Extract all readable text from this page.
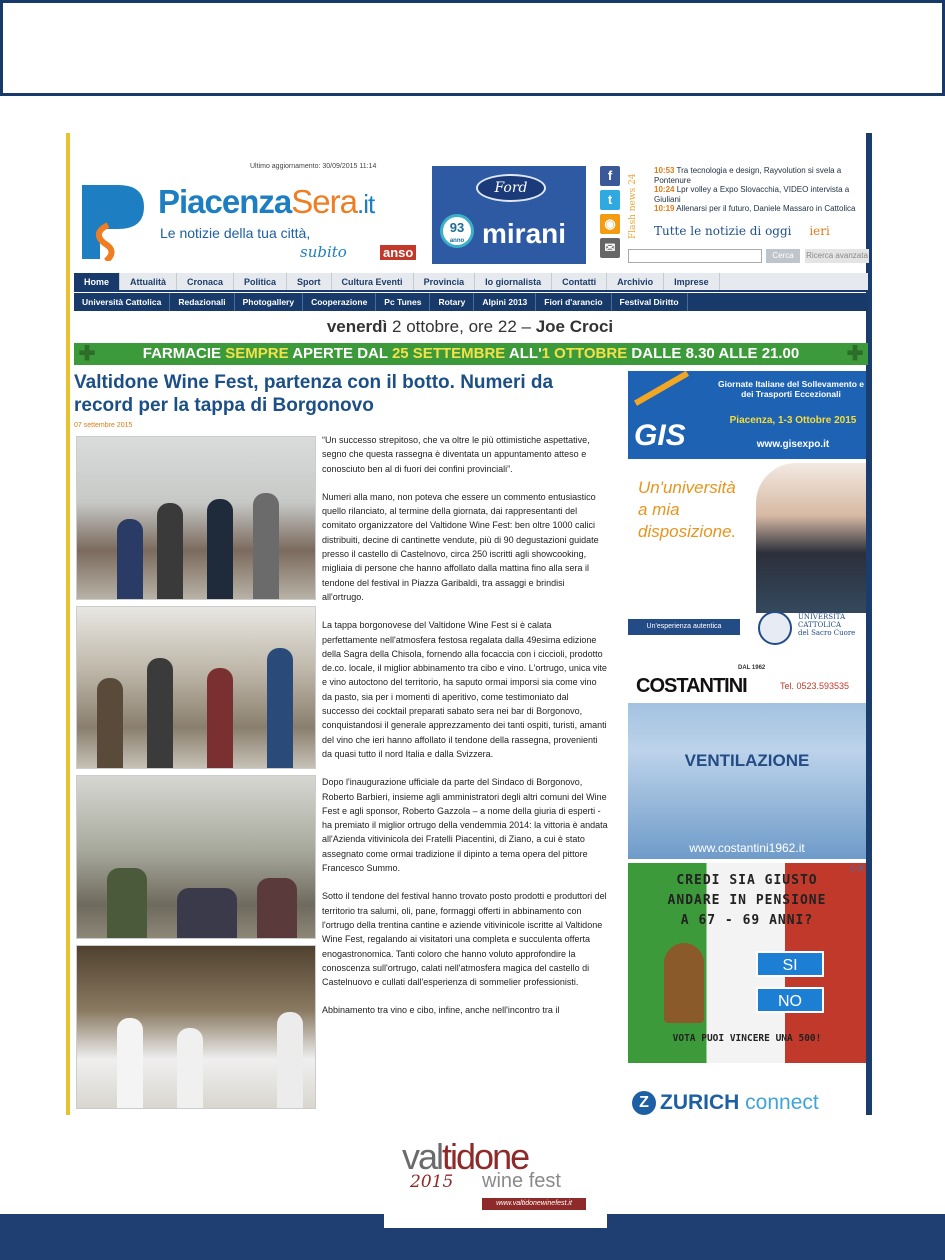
Ultimo aggiornamento: 30/09/2015 11:14
PiacenzaSera.it
Le notizie della tua città,
subito	anso
Ford
93
anno mirani
f
t
◉
✉
Flash news 24
10:53 Tra tecnologia e design, Rayvolution si svela a Pontenure
10:24 Lpr volley a Expo Slovacchia, VIDEO intervista a Giuliani
10:19 Allenarsi per il futuro, Daniele Massaro in Cattolica
Tutte le notizie di oggi ieri
Cerca	Ricerca avanzata
Home	Attualità	Cronaca	Politica	Sport	Cultura Eventi	Provincia	Io giornalista	Contatti	Archivio	Imprese
Università Cattolica	Redazionali	Photogallery	Cooperazione	Pc Tunes	Rotary	Alpini 2013	Fiori d'arancio	Festival Diritto
venerdì 2 ottobre, ore 22 – Joe Croci
✚	FARMACIE SEMPRE APERTE DAL 25 SETTEMBRE ALL'1 OTTOBRE DALLE 8.30 ALLE 21.00 ✚
Valtidone Wine Fest, partenza con il botto. Numeri da record per la tappa di Borgonovo
07 settembre 2015

“Un successo strepitoso, che va oltre le più ottimistiche aspettative, segno che questa rassegna è diventata un appuntamento atteso e conosciuto ben al di fuori dei confini provinciali”.

Numeri alla mano, non poteva che essere un commento entusiastico quello rilanciato, al termine della giornata, dai rappresentanti del comitato organizzatore del Valtidone Wine Fest: ben oltre 1000 calici distribuiti, decine di cantinette vendute, più di 90 degustazioni guidate presso il castello di Castelnovo, circa 250 iscritti agli showcooking, migliaia di persone che hanno affollato dalla mattina fino alla sera il tendone del festival in Piazza Garibaldi, tra assaggi e brindisi all'ortrugo.

La tappa borgonovese del Valtidone Wine Fest si è calata perfettamente nell'atmosfera festosa regalata dalla 49esima edizione della Sagra della Chisola, fornendo alla focaccia con i ciccioli, prodotto de.co. locale, il miglior abbinamento tra cibo e vino. L'ortrugo, unica vite e vino autoctono del territorio, ha saputo ormai imporsi sia come vino da pasto, sia per i momenti di aperitivo, come testimoniato dal successo dei cocktail preparati sabato sera nei bar di Borgonovo, conquistandosi il generale apprezzamento dei tanti ospiti, turisti, amanti del vino che ieri hanno affollato il tendone della rassegna, provenienti da quasi tutto il nord Italia e dalla Svizzera.

Dopo l'inaugurazione ufficiale da parte del Sindaco di Borgonovo, Roberto Barbieri, insieme agli amministratori degli altri comuni del Wine Fest e agli sponsor, Roberto Gazzola – a nome della giuria di esperti - ha premiato il miglior ortrugo della vendemmia 2014: la vittoria è andata all'Azienda vitivinicola dei Fratelli Piacentini, di Ziano, a cui è stato assegnato come ormai tradizione il dipinto a tema opera del pittore Francesco Summo.

Sotto il tendone del festival hanno trovato posto prodotti e produttori del territorio tra salumi, oli, pane, formaggi offerti in abbinamento con l'ortrugo della trentina cantine e aziende vitivinicole iscritte al Valtidone Wine Fest, regalando ai visitatori una completa e succulenta offerta enogastronomica. Tanti coloro che hanno voluto approfondire la conoscenza sull'ortrugo, calati nell'atmosfera magica del castello di Castelnuovo e cullati dall'esperienza di sommelier professionisti.

Abbinamento tra vino e cibo, infine, anche nell'incontro tra il

GIS
Giornate Italiane del Sollevamento e dei Trasporti Eccezionali
Piacenza, 1-3 Ottobre 2015
www.gisexpo.it
Un'università
a mia
disposizione.
Un'esperienza autentica
UNIVERSITÀ
CATTOLICA
del Sacro Cuore
DAL 1962
COSTANTINI	Tel. 0523.593535
VENTILAZIONE
www.costantini1962.it
▷X
CREDI SIA GIUSTO
ANDARE IN PENSIONE
A 67 - 69 ANNI?
SI
NO
VOTA PUOI VINCERE UNA 500!
Z ZURICH connect
valtidone
2015 wine fest
www.valtidonewinefest.it
